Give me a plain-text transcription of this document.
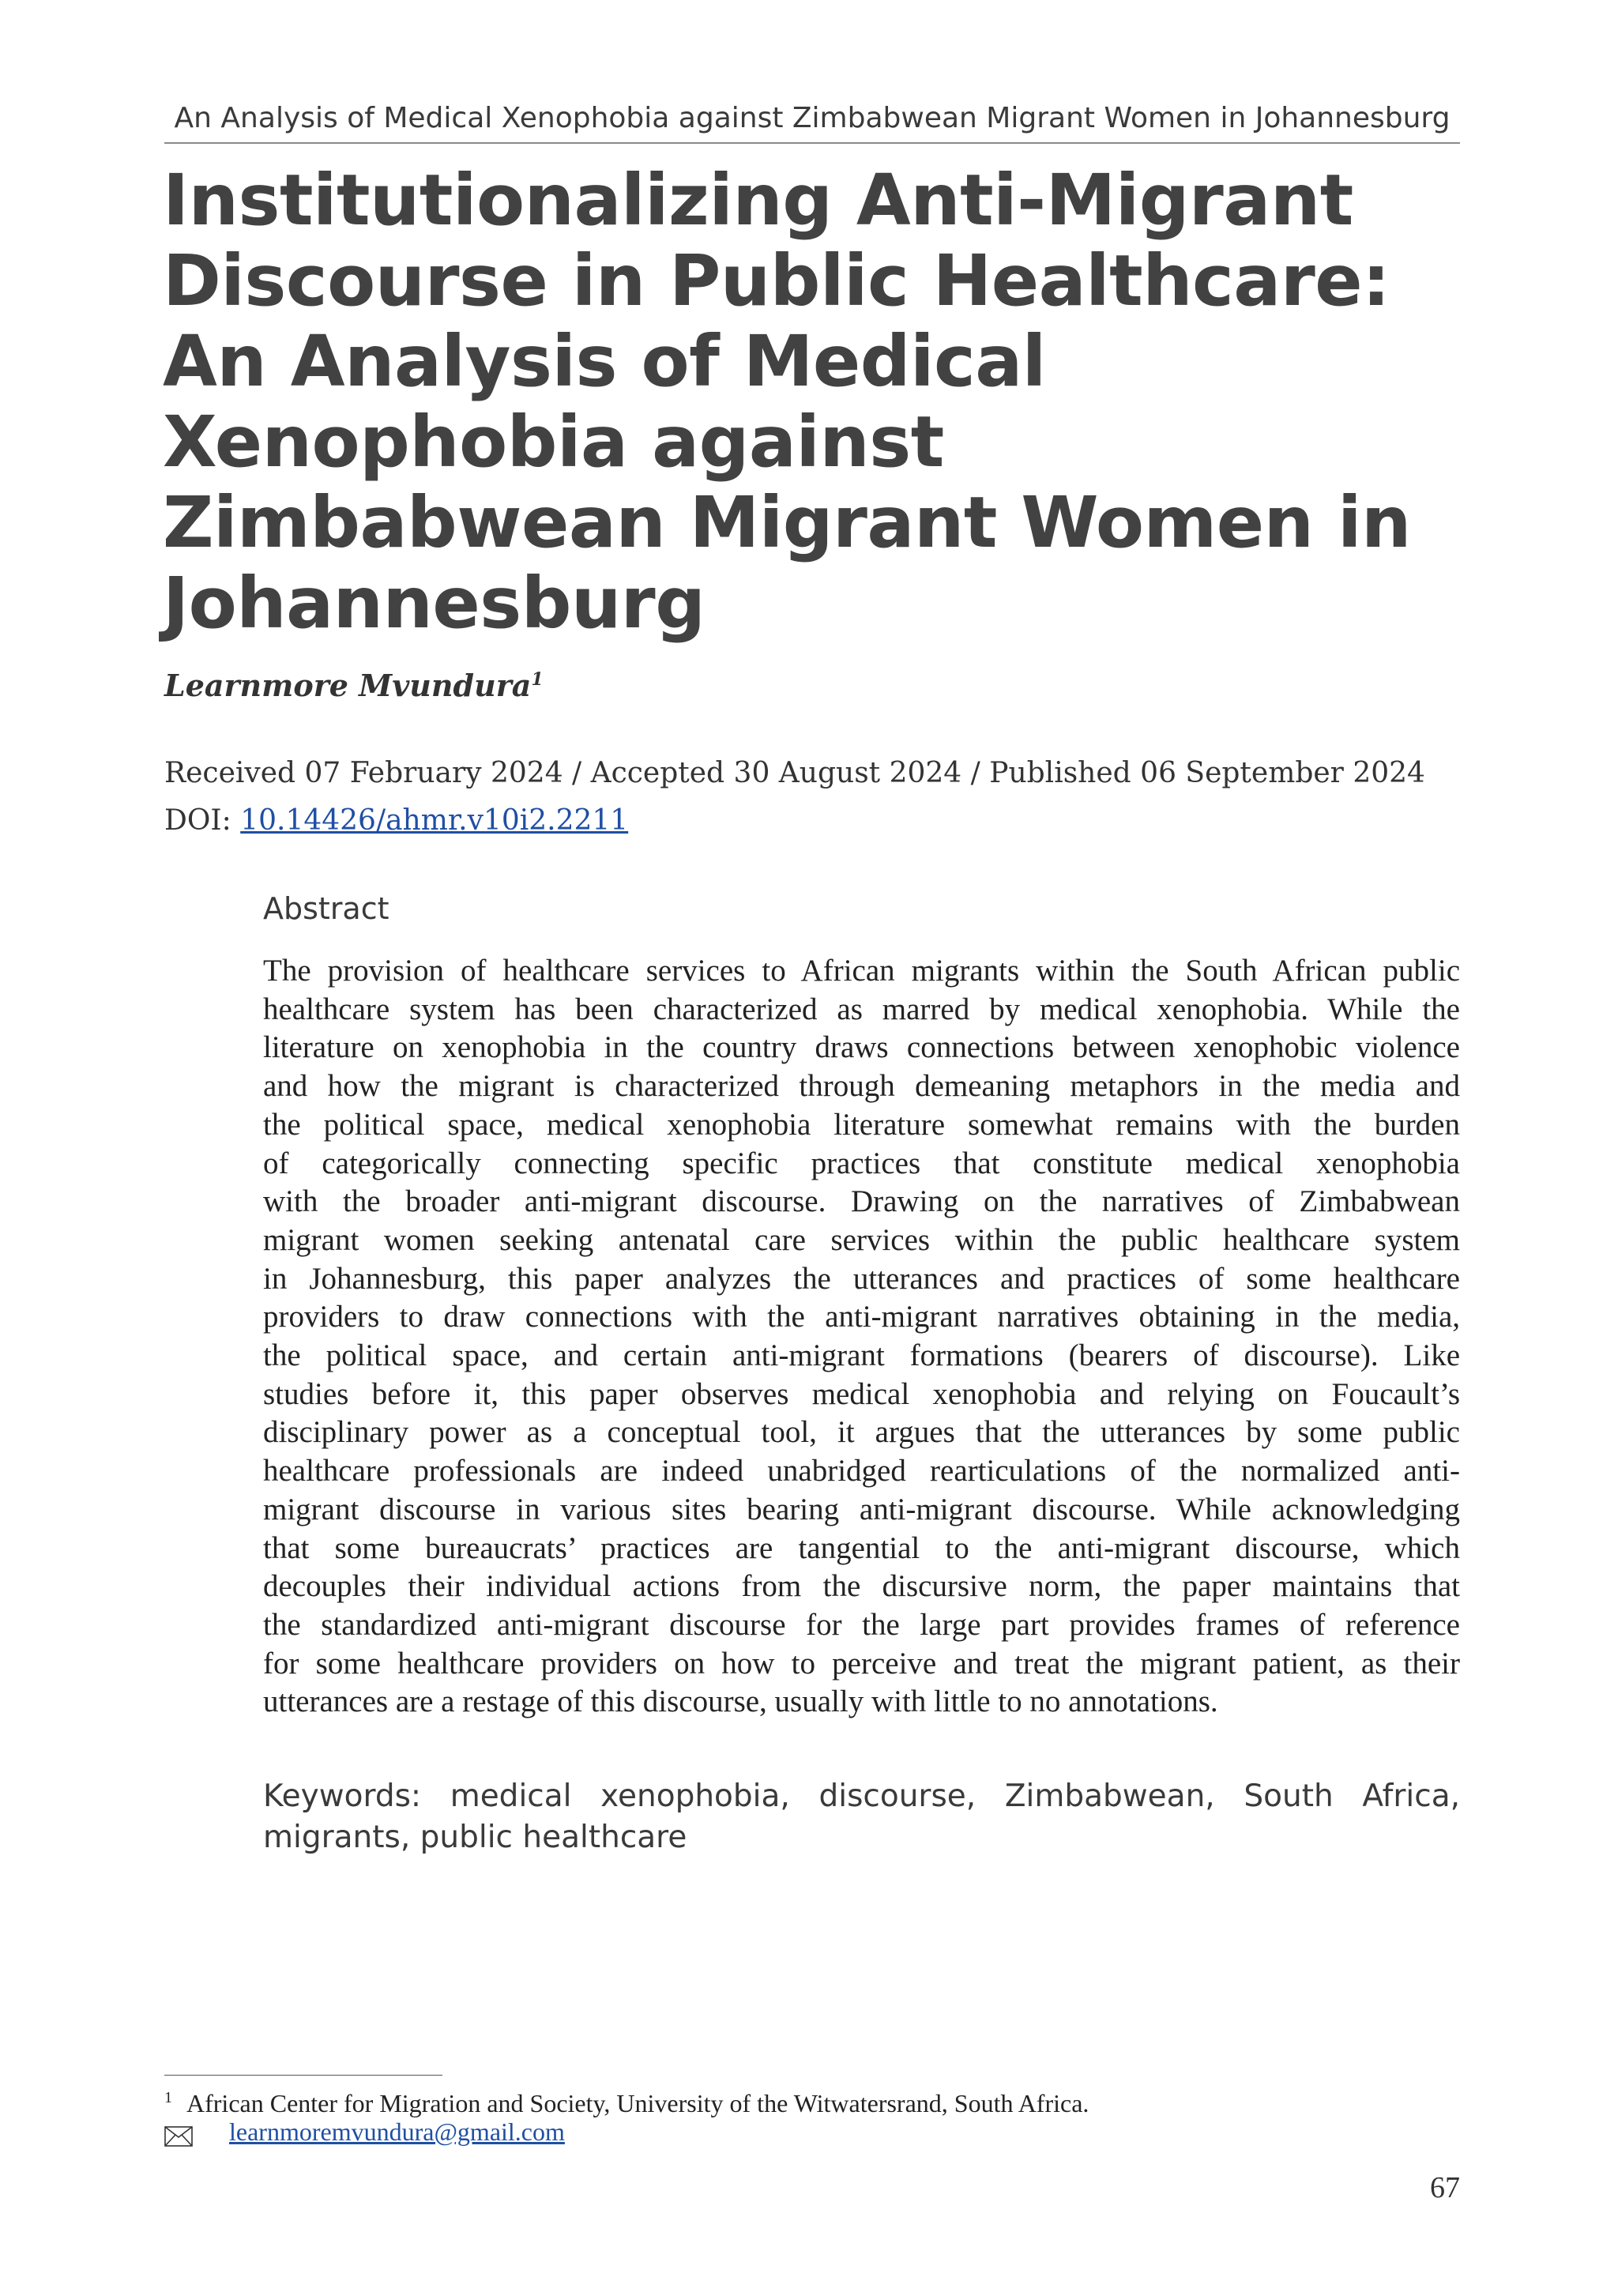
An Analysis of Medical Xenophobia against Zimbabwean Migrant Women in Johannesburg
Institutionalizing Anti-Migrant
Discourse in Public Healthcare:
An Analysis of Medical
Xenophobia against
Zimbabwean Migrant Women in
Johannesburg
Learnmore Mvundura$^1$
Received 07 February 2024 / Accepted 30 August 2024 / Published 06 September 2024
DOI: 10.14426/ahmr.v10i2.2211
Abstract
The provision of healthcare services to African migrants within the South African public
healthcare system has been characterized as marred by medical xenophobia. While the
literature on xenophobia in the country draws connections between xenophobic violence
and how the migrant is characterized through demeaning metaphors in the media and
the political space, medical xenophobia literature somewhat remains with the burden
of categorically connecting specific practices that constitute medical xenophobia
with the broader anti-migrant discourse. Drawing on the narratives of Zimbabwean
migrant women seeking antenatal care services within the public healthcare system
in Johannesburg, this paper analyzes the utterances and practices of some healthcare
providers to draw connections with the anti-migrant narratives obtaining in the media,
the political space, and certain anti-migrant formations (bearers of discourse). Like
studies before it, this paper observes medical xenophobia and relying on Foucault’s
disciplinary power as a conceptual tool, it argues that the utterances by some public
healthcare professionals are indeed unabridged rearticulations of the normalized anti-
migrant discourse in various sites bearing anti-migrant discourse. While acknowledging
that some bureaucrats’ practices are tangential to the anti-migrant discourse, which
decouples their individual actions from the discursive norm, the paper maintains that
the standardized anti-migrant discourse for the large part provides frames of reference
for some healthcare providers on how to perceive and treat the migrant patient, as their
utterances are a restage of this discourse, usually with little to no annotations.
Keywords: medical xenophobia, discourse, Zimbabwean, South Africa,
migrants, public healthcare
$^1$ African Center for Migration and Society, University of the Witwatersrand, South Africa.
learnmoremvundura@gmail.com
67
